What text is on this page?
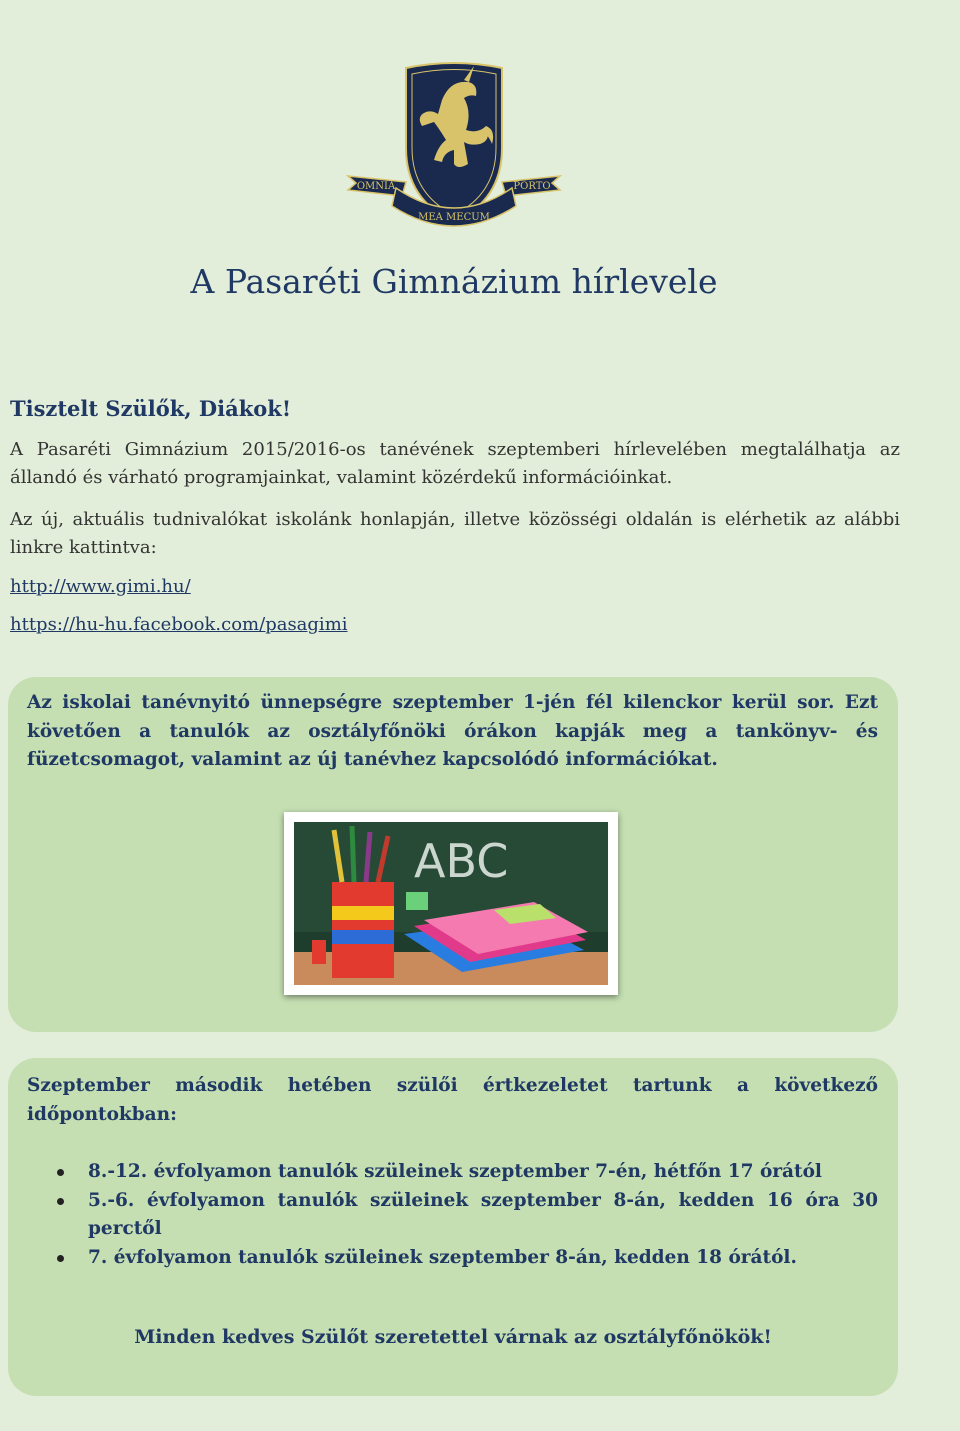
OMNIA
MEA MECUM
PORTO
A Pasaréti Gimnázium hírlevele
Tisztelt Szülők, Diákok!
A Pasaréti Gimnázium 2015/2016-os tanévének szeptemberi hírlevelében megtalálhatja az állandó és várható programjainkat, valamint közérdekű információinkat.
Az új, aktuális tudnivalókat iskolánk honlapján, illetve közösségi oldalán is elérhetik az alábbi linkre kattintva:
http://www.gimi.hu/
https://hu-hu.facebook.com/pasagimi
Az iskolai tanévnyitó ünnepségre szeptember 1-jén fél kilenckor kerül sor. Ezt követően a tanulók az osztályfőnöki órákon kapják meg a tankönyv- és füzetcsomagot, valamint az új tanévhez kapcsolódó információkat.
ABC
Szeptember második hetében szülői értkezeletet tartunk a következő időpontokban:
8.-12. évfolyamon tanulók szüleinek szeptember 7-én, hétfőn 17 órától
5.-6. évfolyamon tanulók szüleinek szeptember 8-án, kedden 16 óra 30 perctől
7. évfolyamon tanulók szüleinek szeptember 8-án, kedden 18 órától.
Minden kedves Szülőt szeretettel várnak az osztályfőnökök!
